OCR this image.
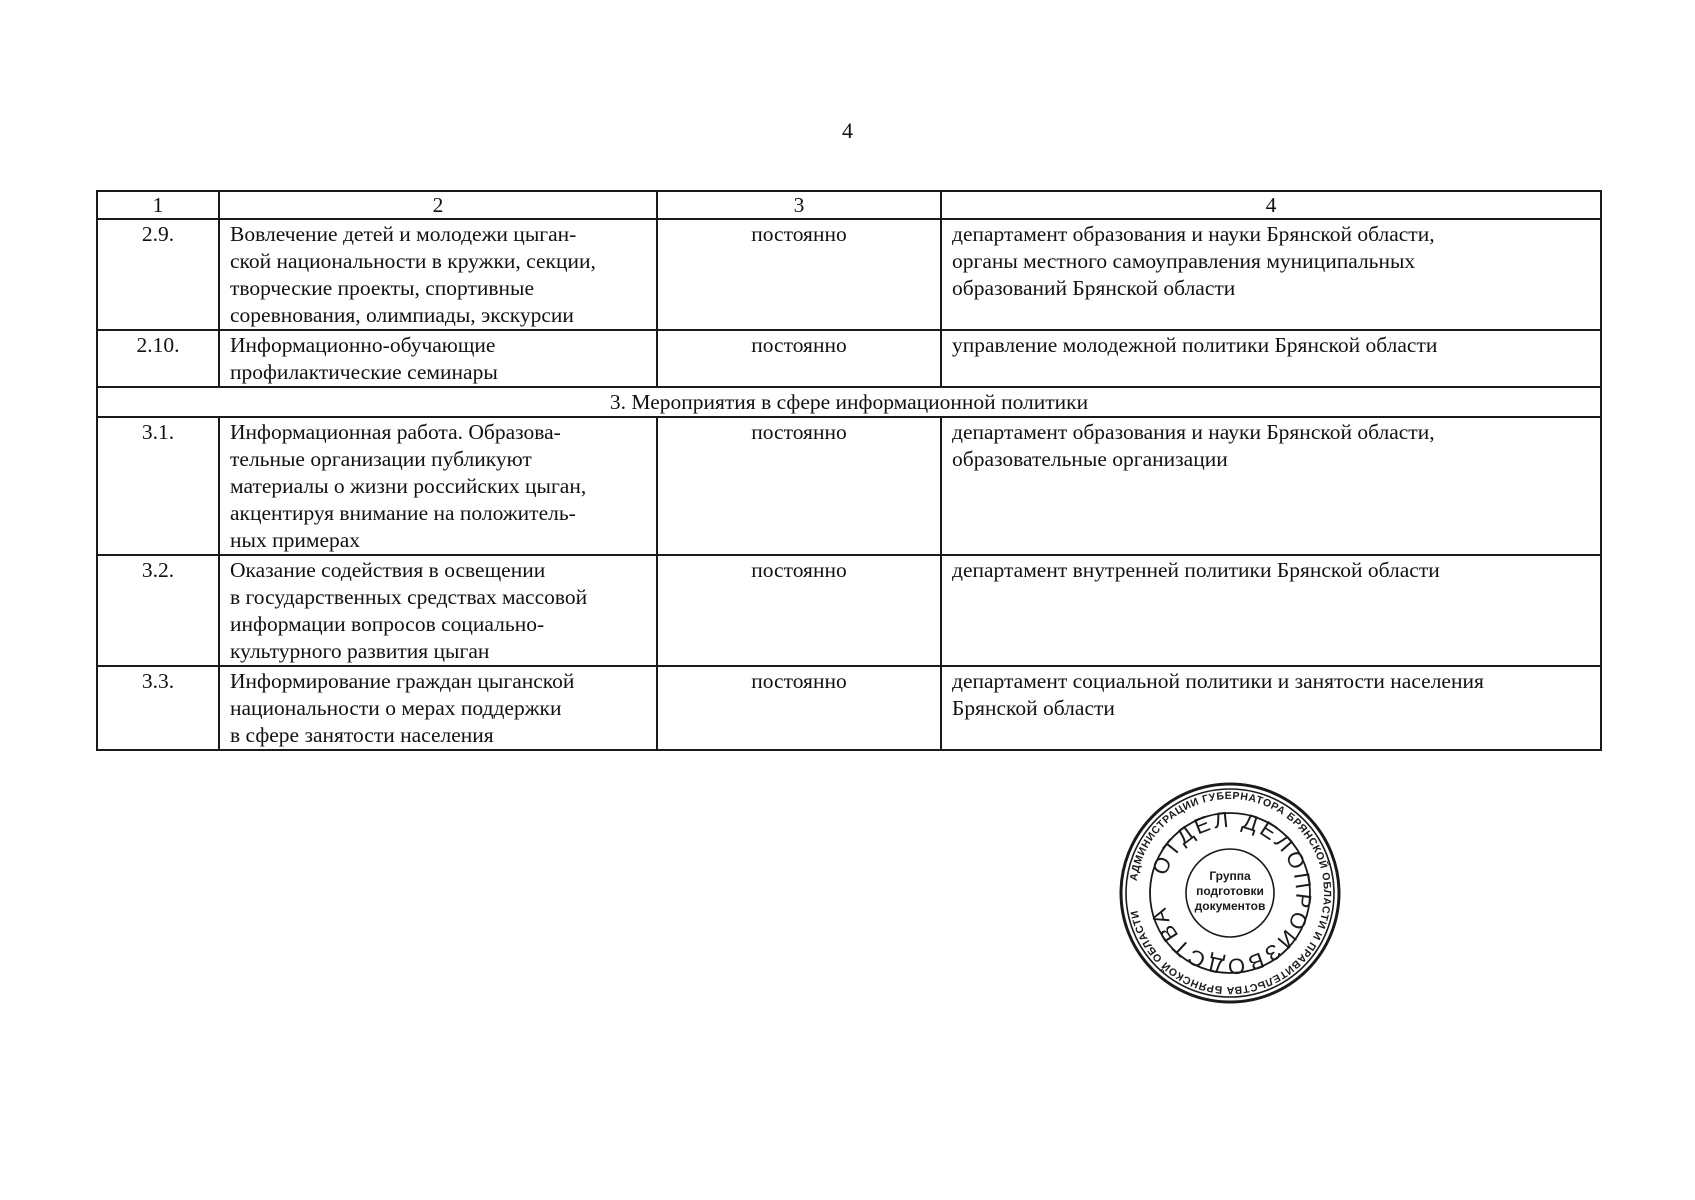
4
1	2	3	4
2.9.	Вовлечение детей и молодежи цыган-
ской национальности в кружки, секции,
творческие проекты, спортивные
соревнования, олимпиады, экскурсии	постоянно	департамент образования и науки Брянской области,
органы местного самоуправления муниципальных
образований Брянской области
2.10.	Информационно-обучающие
профилактические семинары	постоянно	управление молодежной политики Брянской области
3. Мероприятия в сфере информационной политики			
3.1.	Информационная работа. Образова-
тельные организации публикуют
материалы о жизни российских цыган,
акцентируя внимание на положитель-
ных примерах	постоянно	департамент образования и науки Брянской области,
образовательные организации
3.2.	Оказание содействия в освещении
в государственных средствах массовой
информации вопросов социально-
культурного развития цыган	постоянно	департамент внутренней политики Брянской области
3.3.	Информирование граждан цыганской
национальности о мерах поддержки
в сфере занятости населения	постоянно	департамент социальной политики и занятости населения
Брянской области
АДМИНИСТРАЦИИ ГУБЕРНАТОРА БРЯНСКОЙ ОБЛАСТИ И ПРАВИТЕЛЬСТВА БРЯНСКОЙ ОБЛАСТИ
ОТДЕЛ ДЕЛОПРОИЗВОДСТВА
Группа подготовки документов
